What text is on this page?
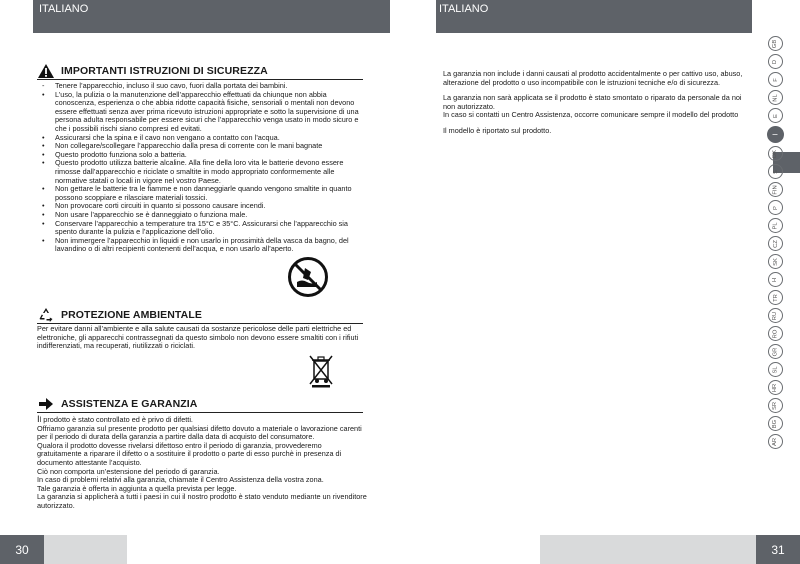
ITALIANO	ITALIANO
IMPORTANTI ISTRUZIONI DI SICUREZZA
- Tenere l’apparecchio, incluso il suo cavo, fuori dalla portata dei bambini.
• L’uso, la pulizia o la manutenzione dell’apparecchio effettuati da chiunque non abbia conoscenza, esperienza o che abbia ridotte capacità fisiche, sensoriali o mentali non devono essere effettuati senza aver prima ricevuto istruzioni appropriate e sotto la supervisione di una persona adulta responsabile per essere sicuri che l’apparecchio venga usato in modo sicuro e che i possibili rischi siano compresi ed evitati.
• Assicurarsi che la spina e il cavo non vengano a contatto con l’acqua.
• Non collegare/scollegare l’apparecchio dalla presa di corrente con le mani bagnate
• Questo prodotto funziona solo a batteria.
• Questo prodotto utilizza batterie alcaline. Alla fine della loro vita le batterie devono essere rimosse dall’apparecchio e riciclate o smaltite in modo appropriato conformemente alle normative statali o locali in vigore nel vostro Paese.
• Non gettare le batterie tra le fiamme e non danneggiarle quando vengono smaltite in quanto possono scoppiare e rilasciare materiali tossici.
• Non provocare corti circuiti in quanto si possono causare incendi.
• Non usare l’apparecchio se è danneggiato o funziona male.
• Conservare l’apparecchio a temperature tra 15°C e 35°C. Assicurarsi che l’apparecchio sia spento durante la pulizia e l’applicazione dell’olio.
• Non immergere l’apparecchio in liquidi e non usarlo in prossimità della vasca da bagno, del lavandino o di altri recipienti contenenti dell’acqua, e non usarlo all’aperto.
PROTEZIONE AMBIENTALE
Per evitare danni all’ambiente e alla salute causati da sostanze pericolose delle parti elettriche ed elettroniche, gli apparecchi contrassegnati da questo simbolo non devono essere smaltiti con i rifiuti indifferenziati, ma recuperati, riutilizzati o riciclati.
ASSISTENZA E GARANZIA
Il prodotto è stato controllato ed è privo di difetti.
Offriamo garanzia sul presente prodotto per qualsiasi difetto dovuto a materiale o lavorazione carenti per il periodo di durata della garanzia a partire dalla data di acquisto del consumatore.
Qualora il prodotto dovesse rivelarsi difettoso entro il periodo di garanzia, provvederemo gratuitamente a riparare il difetto o a sostituire il prodotto o parte di esso purchè in presenza di documento attestante l’acquisto.
Ciò non comporta un’estensione del periodo di garanzia.
In caso di problemi relativi alla garanzia, chiamate il Centro Assistenza della vostra zona.
Tale garanzia è offerta in aggiunta a quella prevista per legge.
La garanzia si applicherà a tutti i paesi in cui il nostro prodotto è stato venduto mediante un rivenditore autorizzato.

La garanzia non include i danni causati al prodotto accidentalmente o per cattivo uso, abuso, alterazione del prodotto o uso incompatibile con le istruzioni tecniche e/o di sicurezza.

La garanzia non sarà applicata se il prodotto è stato smontato o riparato da personale da noi non autorizzato.
In caso si contatti un Centro Assistenza, occorre comunicare sempre il modello del prodotto

Il modello è riportato sul prodotto.

GB
D
F
NL
E
I
DK
S
FIN
P
PL
CZ
SK
H
TR
RU
RO
GR
SL
HR
SR
BG
AR
30	31
